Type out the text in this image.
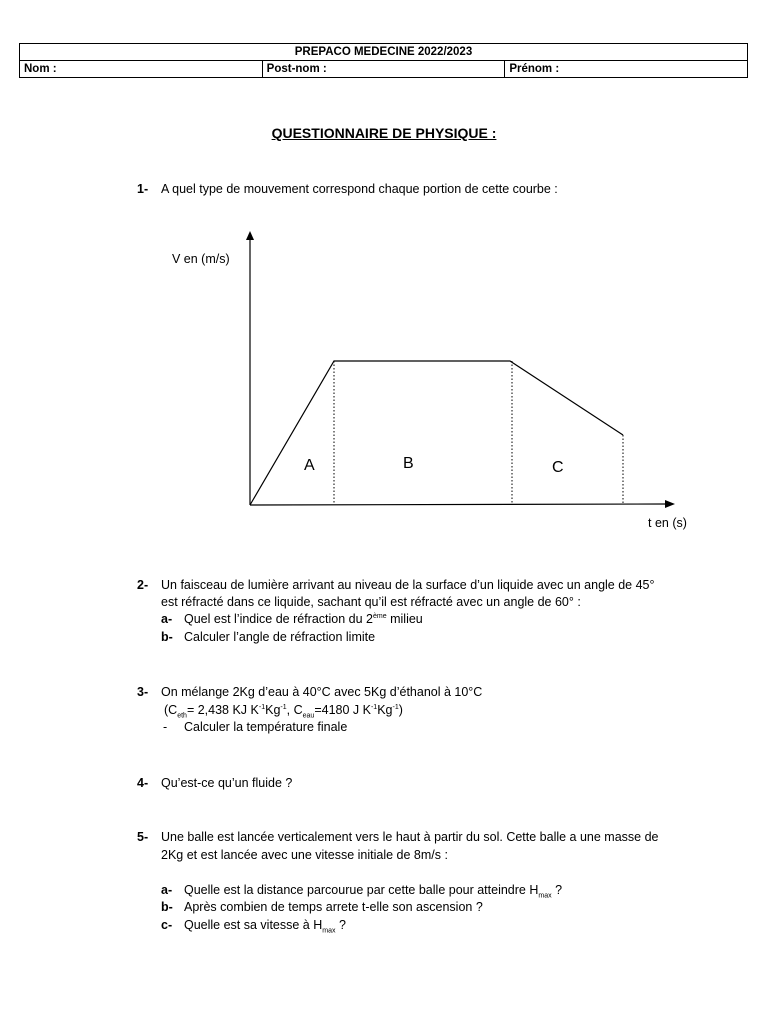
PREPACO MEDECINE 2022/2023
Nom :	Post-nom :	Prénom :
QUESTIONNAIRE DE PHYSIQUE :
1- A quel type de mouvement correspond chaque portion de cette courbe :
V en (m/s)
t en (s)
A	B	C
2- Un faisceau de lumière arrivant au niveau de la surface d’un liquide avec un angle de 45°
est réfracté dans ce liquide, sachant qu’il est réfracté avec un angle de 60° :
a- Quel est l’indice de réfraction du 2ème milieu
b- Calculer l’angle de réfraction limite
3- On mélange 2Kg d’eau à 40°C avec 5Kg d’éthanol à 10°C
($C_{eth}= 2,438$ KJ $K^{-1}Kg^{-1}$, $C_{eau}=4180$ J $K^{-1}Kg^{-1}$)
- Calculer la température finale
4- Qu’est-ce qu’un fluide ?
5- Une balle est lancée verticalement vers le haut à partir du sol. Cette balle a une masse de
2Kg et est lancée avec une vitesse initiale de 8m/s :
a- Quelle est la distance parcourue par cette balle pour atteindre $H_{max}$ ?
b- Après combien de temps arrete t-elle son ascension ?
c- Quelle est sa vitesse à $H_{max}$ ?
